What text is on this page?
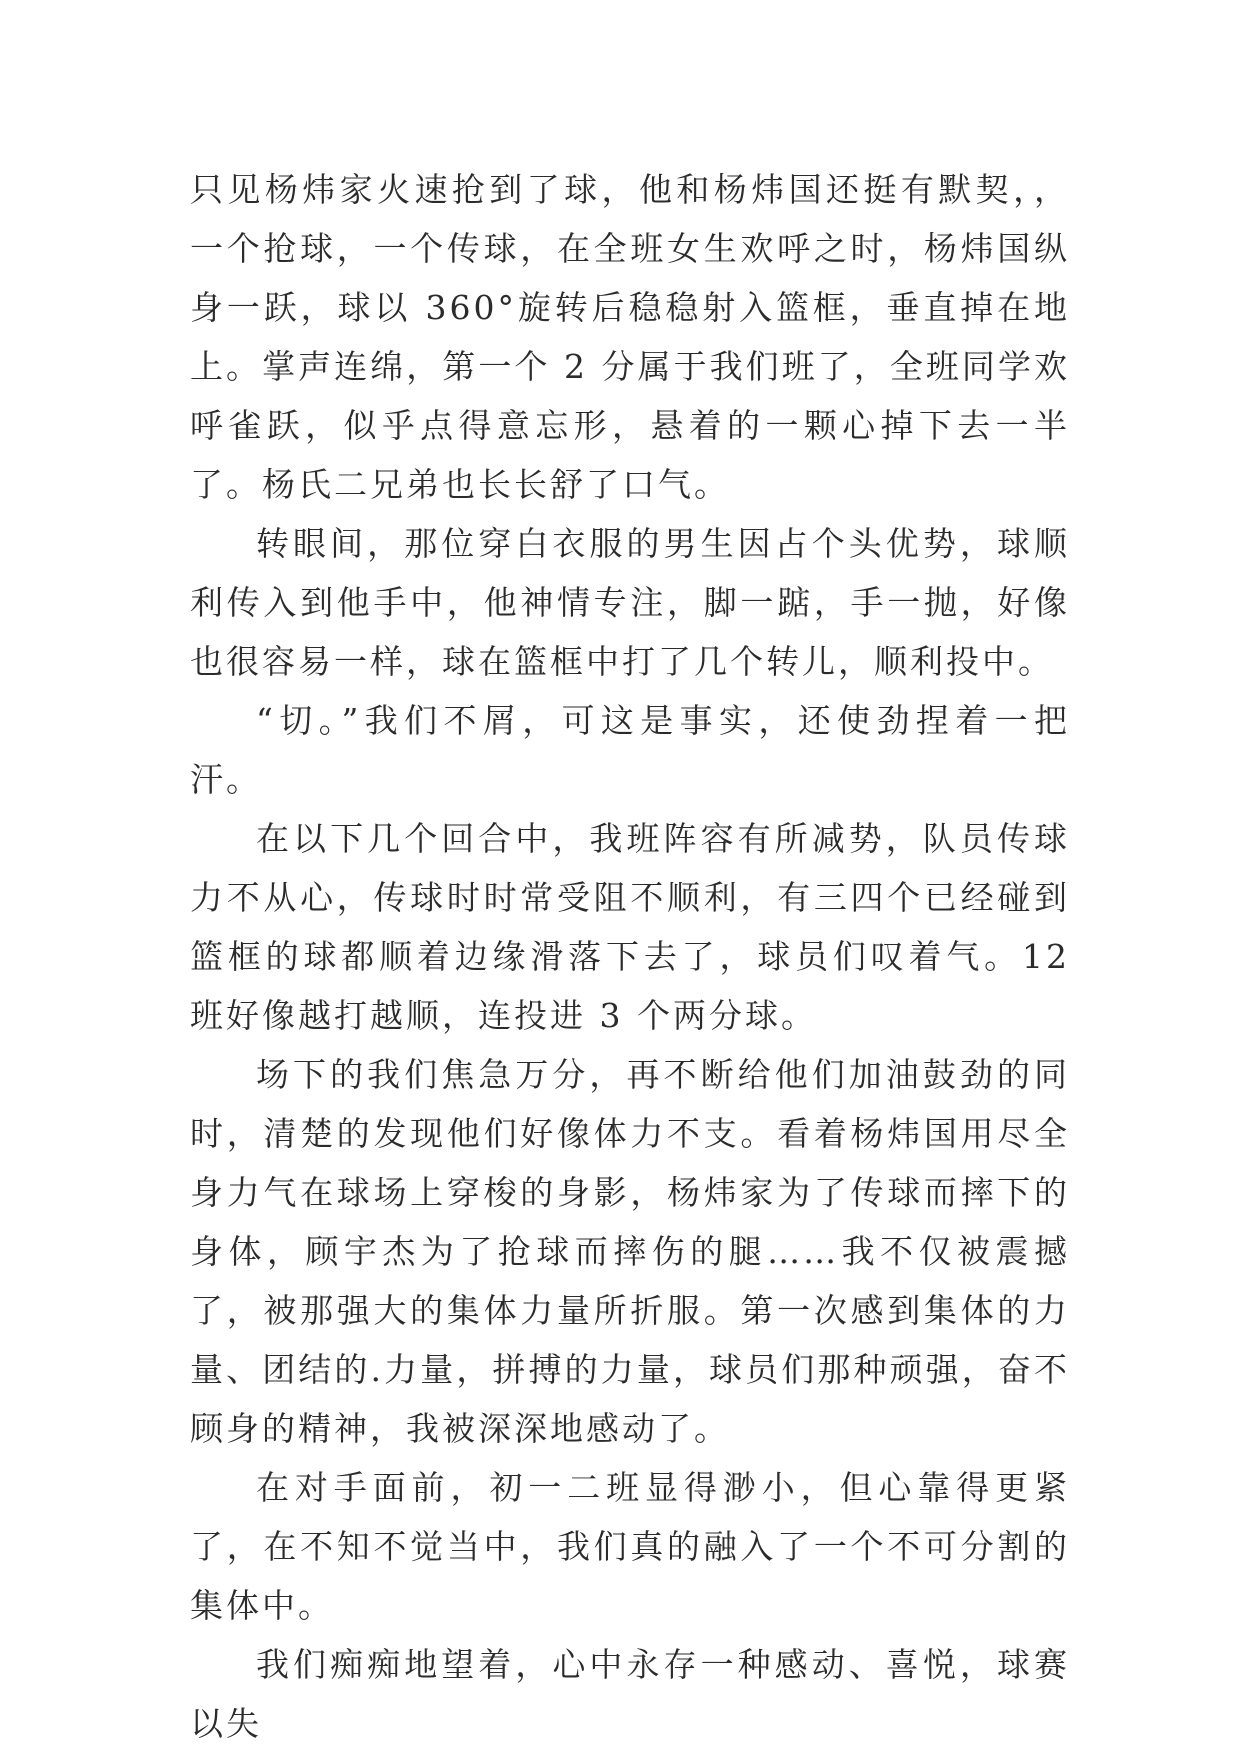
只见杨炜家火速抢到了球，他和杨炜国还挺有默契，，一个抢球，一个传球，在全班女生欢呼之时，杨炜国纵身一跃，球以 360°旋转后稳稳射入篮框，垂直掉在地上。掌声连绵，第一个 2 分属于我们班了，全班同学欢呼雀跃，似乎点得意忘形，悬着的一颗心掉下去一半了。杨氏二兄弟也长长舒了口气。

转眼间，那位穿白衣服的男生因占个头优势，球顺利传入到他手中，他神情专注，脚一踮，手一抛，好像也很容易一样，球在篮框中打了几个转儿，顺利投中。

“切。”我们不屑，可这是事实，还使劲捏着一把汗。

在以下几个回合中，我班阵容有所减势，队员传球力不从心，传球时时常受阻不顺利，有三四个已经碰到篮框的球都顺着边缘滑落下去了，球员们叹着气。12 班好像越打越顺，连投进 3 个两分球。

场下的我们焦急万分，再不断给他们加油鼓劲的同时，清楚的发现他们好像体力不支。看着杨炜国用尽全身力气在球场上穿梭的身影，杨炜家为了传球而摔下的身体，顾宇杰为了抢球而摔伤的腿……我不仅被震撼了，被那强大的集体力量所折服。第一次感到集体的力量、团结的.力量，拼搏的力量，球员们那种顽强，奋不顾身的精神，我被深深地感动了。

在对手面前，初一二班显得渺小，但心靠得更紧了，在不知不觉当中，我们真的融入了一个不可分割的集体中。

我们痴痴地望着，心中永存一种感动、喜悦，球赛以失
